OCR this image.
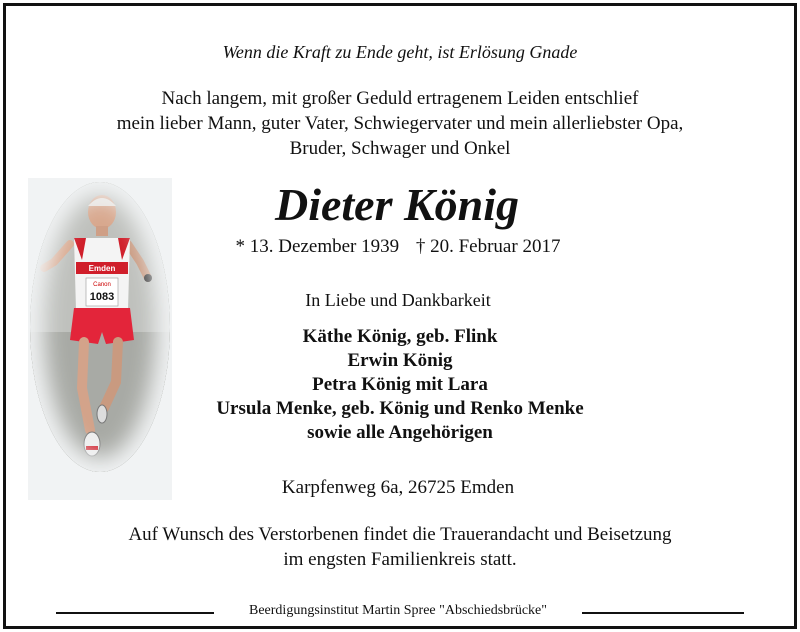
Wenn die Kraft zu Ende geht, ist Erlösung Gnade
Nach langem, mit großer Geduld ertragenem Leiden entschlief
mein lieber Mann, guter Vater, Schwiegervater und mein allerliebster Opa,
Bruder, Schwager und Onkel
Emden
Canon
1083
Dieter König
* 13. Dezember 1939 † 20. Februar 2017
In Liebe und Dankbarkeit
Käthe König, geb. Flink
Erwin König
Petra König mit Lara
Ursula Menke, geb. König und Renko Menke
sowie alle Angehörigen
Karpfenweg 6a, 26725 Emden
Auf Wunsch des Verstorbenen findet die Trauerandacht und Beisetzung
im engsten Familienkreis statt.
Beerdigungsinstitut Martin Spree "Abschiedsbrücke"
